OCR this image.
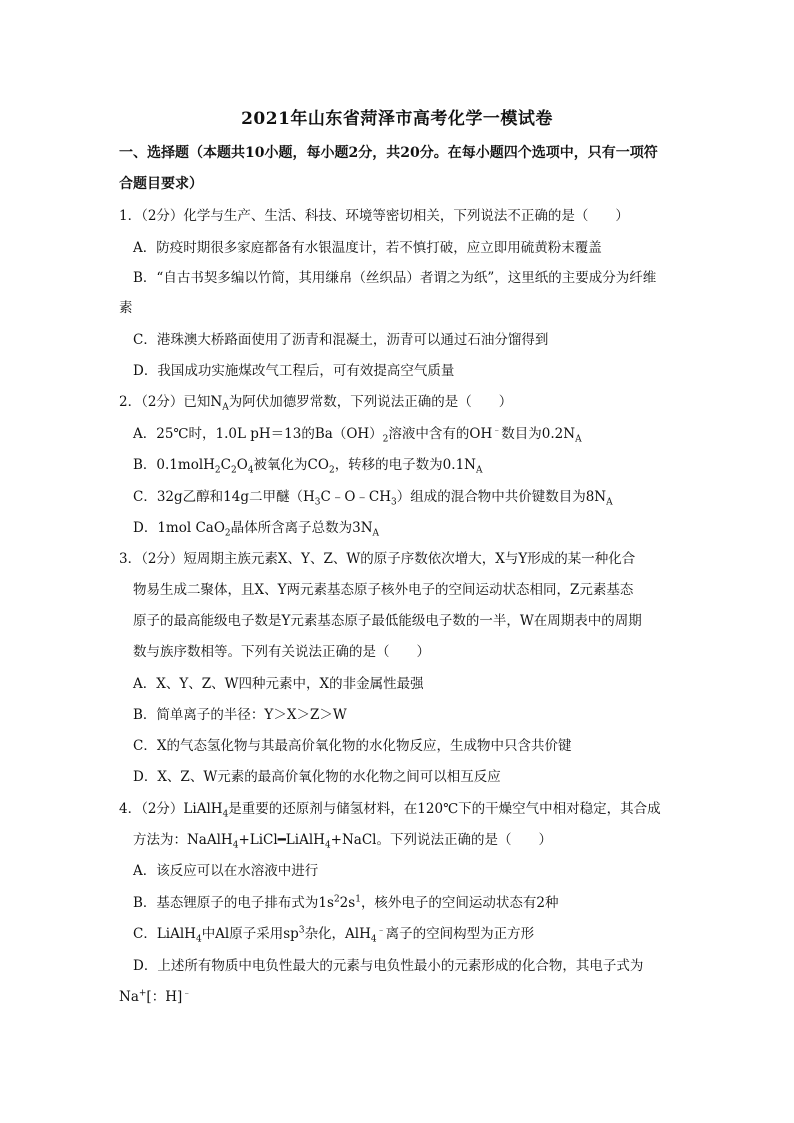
2021年山东省菏泽市高考化学一模试卷
一、选择题（本题共10小题，每小题2分，共20分。在每小题四个选项中，只有一项符
合题目要求）
1．（2分）化学与生产、生活、科技、环境等密切相关，下列说法不正确的是（　　）
A．防疫时期很多家庭都备有水银温度计，若不慎打破，应立即用硫黄粉末覆盖
B．“自古书契多编以竹简，其用缣帛（丝织品）者谓之为纸”，这里纸的主要成分为纤维
素
C．港珠澳大桥路面使用了沥青和混凝土，沥青可以通过石油分馏得到
D．我国成功实施煤改气工程后，可有效提高空气质量
2．（2分）已知$N_A$为阿伏加德罗常数，下列说法正确的是（　　）
A．25℃时，1.0L pH＝13的$Ba(OH)_2$溶液中含有的OH﹣数目为$0.2N_A$
B．$0.1molH_2C_2O_4$被氧化为$CO_2$，转移的电子数为$0.1N_A$
C．32g乙醇和14g二甲醚$(H_3C﹣O﹣CH_3)$组成的混合物中共价键数目为$8N_A$
D．1mol CaO$_2$晶体所含离子总数为$3N_A$
3．（2分）短周期主族元素X、Y、Z、W的原子序数依次增大，X与Y形成的某一种化合
物易生成二聚体，且X、Y两元素基态原子核外电子的空间运动状态相同，Z元素基态
原子的最高能级电子数是Y元素基态原子最低能级电子数的一半，W在周期表中的周期
数与族序数相等。下列有关说法正确的是（　　）
A．X、Y、Z、W四种元素中，X的非金属性最强
B．简单离子的半径：Y＞X＞Z＞W
C．X的气态氢化物与其最高价氧化物的水化物反应，生成物中只含共价键
D．X、Z、W元素的最高价氧化物的水化物之间可以相互反应
4．（2分）LiAlH$_4$是重要的还原剂与储氢材料，在120℃下的干燥空气中相对稳定，其合成
方法为：NaAlH$_4$+LiCl━LiAlH$_4$+NaCl。下列说法正确的是（　　）
A．该反应可以在水溶液中进行
B．基态锂原子的电子排布式为$1s^22s^1$，核外电子的空间运动状态有2种
C．LiAlH$_4$中Al原子采用$sp^3$杂化，AlH$_4$﹣离子的空间构型为正方形
D．上述所有物质中电负性最大的元素与电负性最小的元素形成的化合物，其电子式为
Na+[：H]﹣
